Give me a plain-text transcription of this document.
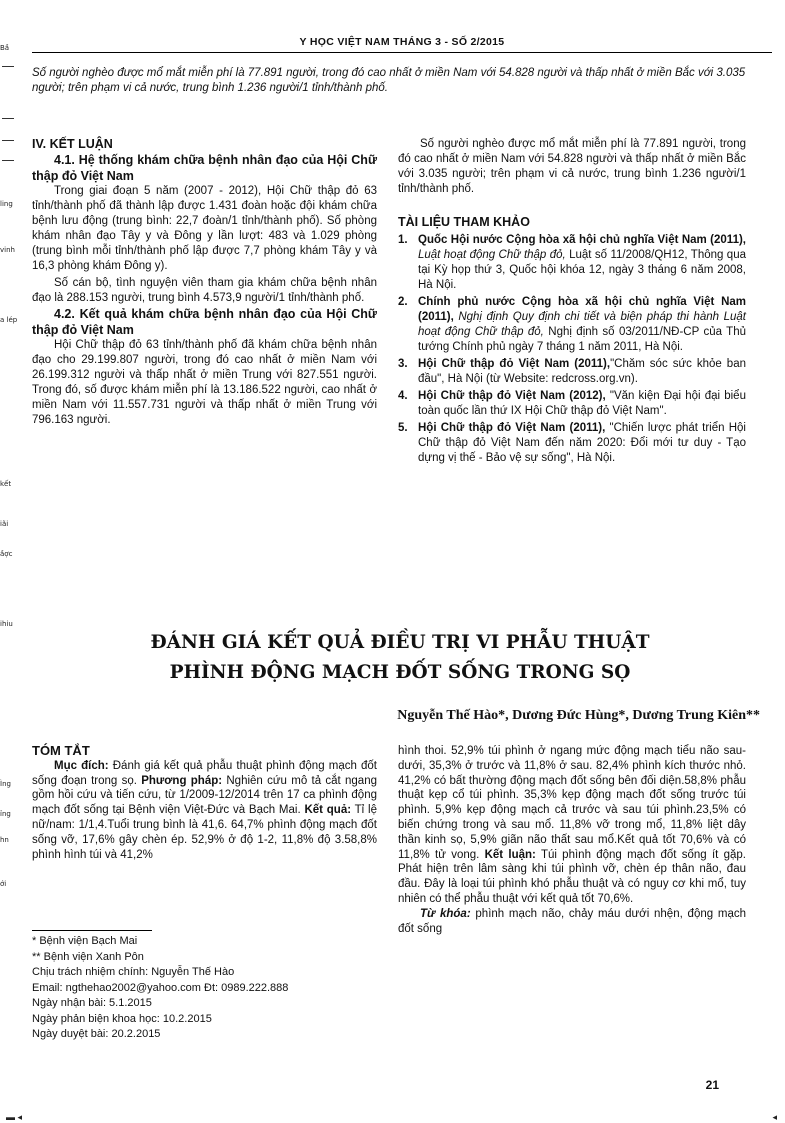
Bầ
ling
vinh
a lép
kết
iãi
ầợc
ihiu
Ìng
ỉng
hn
ới
Y HỌC VIỆT NAM THÁNG 3 - SỐ 2/2015
Số người nghèo được mổ mắt miễn phí là 77.891 người, trong đó cao nhất ở miền Nam với 54.828 người và thấp nhất ở miền Bắc với 3.035 người; trên phạm vi cả nước, trung bình 1.236 người/1 tỉnh/thành phố.

IV. KẾT LUẬN

4.1. Hệ thống khám chữa bệnh nhân đạo của Hội Chữ thập đỏ Việt Nam

Trong giai đoạn 5 năm (2007 - 2012), Hội Chữ thập đỏ 63 tỉnh/thành phố đã thành lập được 1.431 đoàn hoặc đội khám chữa bệnh lưu động (trung bình: 22,7 đoàn/1 tỉnh/thành phố). Số phòng khám nhân đạo Tây y và Đông y lần lượt: 483 và 1.029 phòng (trung bình mỗi tỉnh/thành phố lập được 7,7 phòng khám Tây y và 16,3 phòng khám Đông y).

Số cán bộ, tình nguyện viên tham gia khám chữa bệnh nhân đạo là 288.153 người, trung bình 4.573,9 người/1 tỉnh/thành phố.

4.2. Kết quả khám chữa bệnh nhân đạo của Hội Chữ thập đỏ Việt Nam

Hội Chữ thập đỏ 63 tỉnh/thành phố đã khám chữa bệnh nhân đạo cho 29.199.807 người, trong đó cao nhất ở miền Nam với 26.199.312 người và thấp nhất ở miền Trung với 827.551 người. Trong đó, số được khám miễn phí là 13.186.522 người, cao nhất ở miền Nam với 11.557.731 người và thấp nhất ở miền Trung với 796.163 người.

Số người nghèo được mổ mắt miễn phí là 77.891 người, trong đó cao nhất ở miền Nam với 54.828 người và thấp nhất ở miền Bắc với 3.035 người; trên phạm vi cả nước, trung bình 1.236 người/1 tỉnh/thành phố.

TÀI LIỆU THAM KHẢO

1. Quốc Hội nước Cộng hòa xã hội chủ nghĩa Việt Nam (2011), Luật hoạt động Chữ thập đỏ, Luật số 11/2008/QH12, Thông qua tại Kỳ họp thứ 3, Quốc hội khóa 12, ngày 3 tháng 6 năm 2008, Hà Nội.
2. Chính phủ nước Cộng hòa xã hội chủ nghĩa Việt Nam (2011), Nghị định Quy định chi tiết và biện pháp thi hành Luật hoạt động Chữ thập đỏ, Nghị định số 03/2011/NĐ-CP của Thủ tướng Chính phủ ngày 7 tháng 1 năm 2011, Hà Nội.
3. Hội Chữ thập đỏ Việt Nam (2011),"Chăm sóc sức khỏe ban đầu", Hà Nội (từ Website: redcross.org.vn).
4. Hội Chữ thập đỏ Việt Nam (2012), "Văn kiện Đại hội đại biểu toàn quốc lần thứ IX Hội Chữ thập đỏ Việt Nam".
5. Hội Chữ thập đỏ Việt Nam (2011), "Chiến lược phát triển Hội Chữ thập đỏ Việt Nam đến năm 2020: Đổi mới tư duy - Tạo dựng vị thế - Bảo vệ sự sống", Hà Nội.
ĐÁNH GIÁ KẾT QUẢ ĐIỀU TRỊ VI PHẪU THUẬT
PHÌNH ĐỘNG MẠCH ĐỐT SỐNG TRONG SỌ
Nguyễn Thế Hào*, Dương Đức Hùng*, Dương Trung Kiên**

TÓM TẮT

Mục đích: Đánh giá kết quả phẫu thuật phình động mạch đốt sống đoạn trong sọ. Phương pháp: Nghiên cứu mô tả cắt ngang gồm hồi cứu và tiến cứu, từ 1/2009-12/2014 trên 17 ca phình động mạch đốt sống tại Bệnh viện Việt-Đức và Bạch Mai. Kết quả: Tỉ lệ nữ/nam: 1/1,4.Tuổi trung bình là 41,6. 64,7% phình động mạch đốt sống vỡ, 17,6% gây chèn ép. 52,9% ở độ 1-2, 11,8% độ 3.58,8% phình hình túi và 41,2%

hình thoi. 52,9% túi phình ở ngang mức động mạch tiểu não sau-dưới, 35,3% ở trước và 11,8% ở sau. 82,4% phình kích thước nhỏ. 41,2% có bất thường động mạch đốt sống bên đối diện.58,8% phẫu thuật kẹp cổ túi phình. 35,3% kẹp động mạch đốt sống trước túi phình. 5,9% kẹp động mạch cả trước và sau túi phình.23,5% có biến chứng trong và sau mổ. 11,8% vỡ trong mổ, 11,8% liệt dây thần kinh sọ, 5,9% giãn não thất sau mổ.Kết quả tốt 70,6% và có 11,8% tử vong. Kết luận: Túi phình động mạch đốt sống ít gặp. Phát hiện trên lâm sàng khi túi phình vỡ, chèn ép thân não, đau đầu. Đây là loại túi phình khó phẫu thuật và có nguy cơ khi mổ, tuy nhiên có thể phẫu thuật với kết quả tốt 70,6%.

Từ khóa: phình mạch não, chảy máu dưới nhện, động mạch đốt sống

* Bệnh viện Bạch Mai
** Bệnh viện Xanh Pôn
Chịu trách nhiệm chính: Nguyễn Thế Hào
Email: ngthehao2002@yahoo.com Đt: 0989.222.888
Ngày nhận bài: 5.1.2015
Ngày phản biện khoa học: 10.2.2015
Ngày duyệt bài: 20.2.2015
21
▬ ◂	◂
